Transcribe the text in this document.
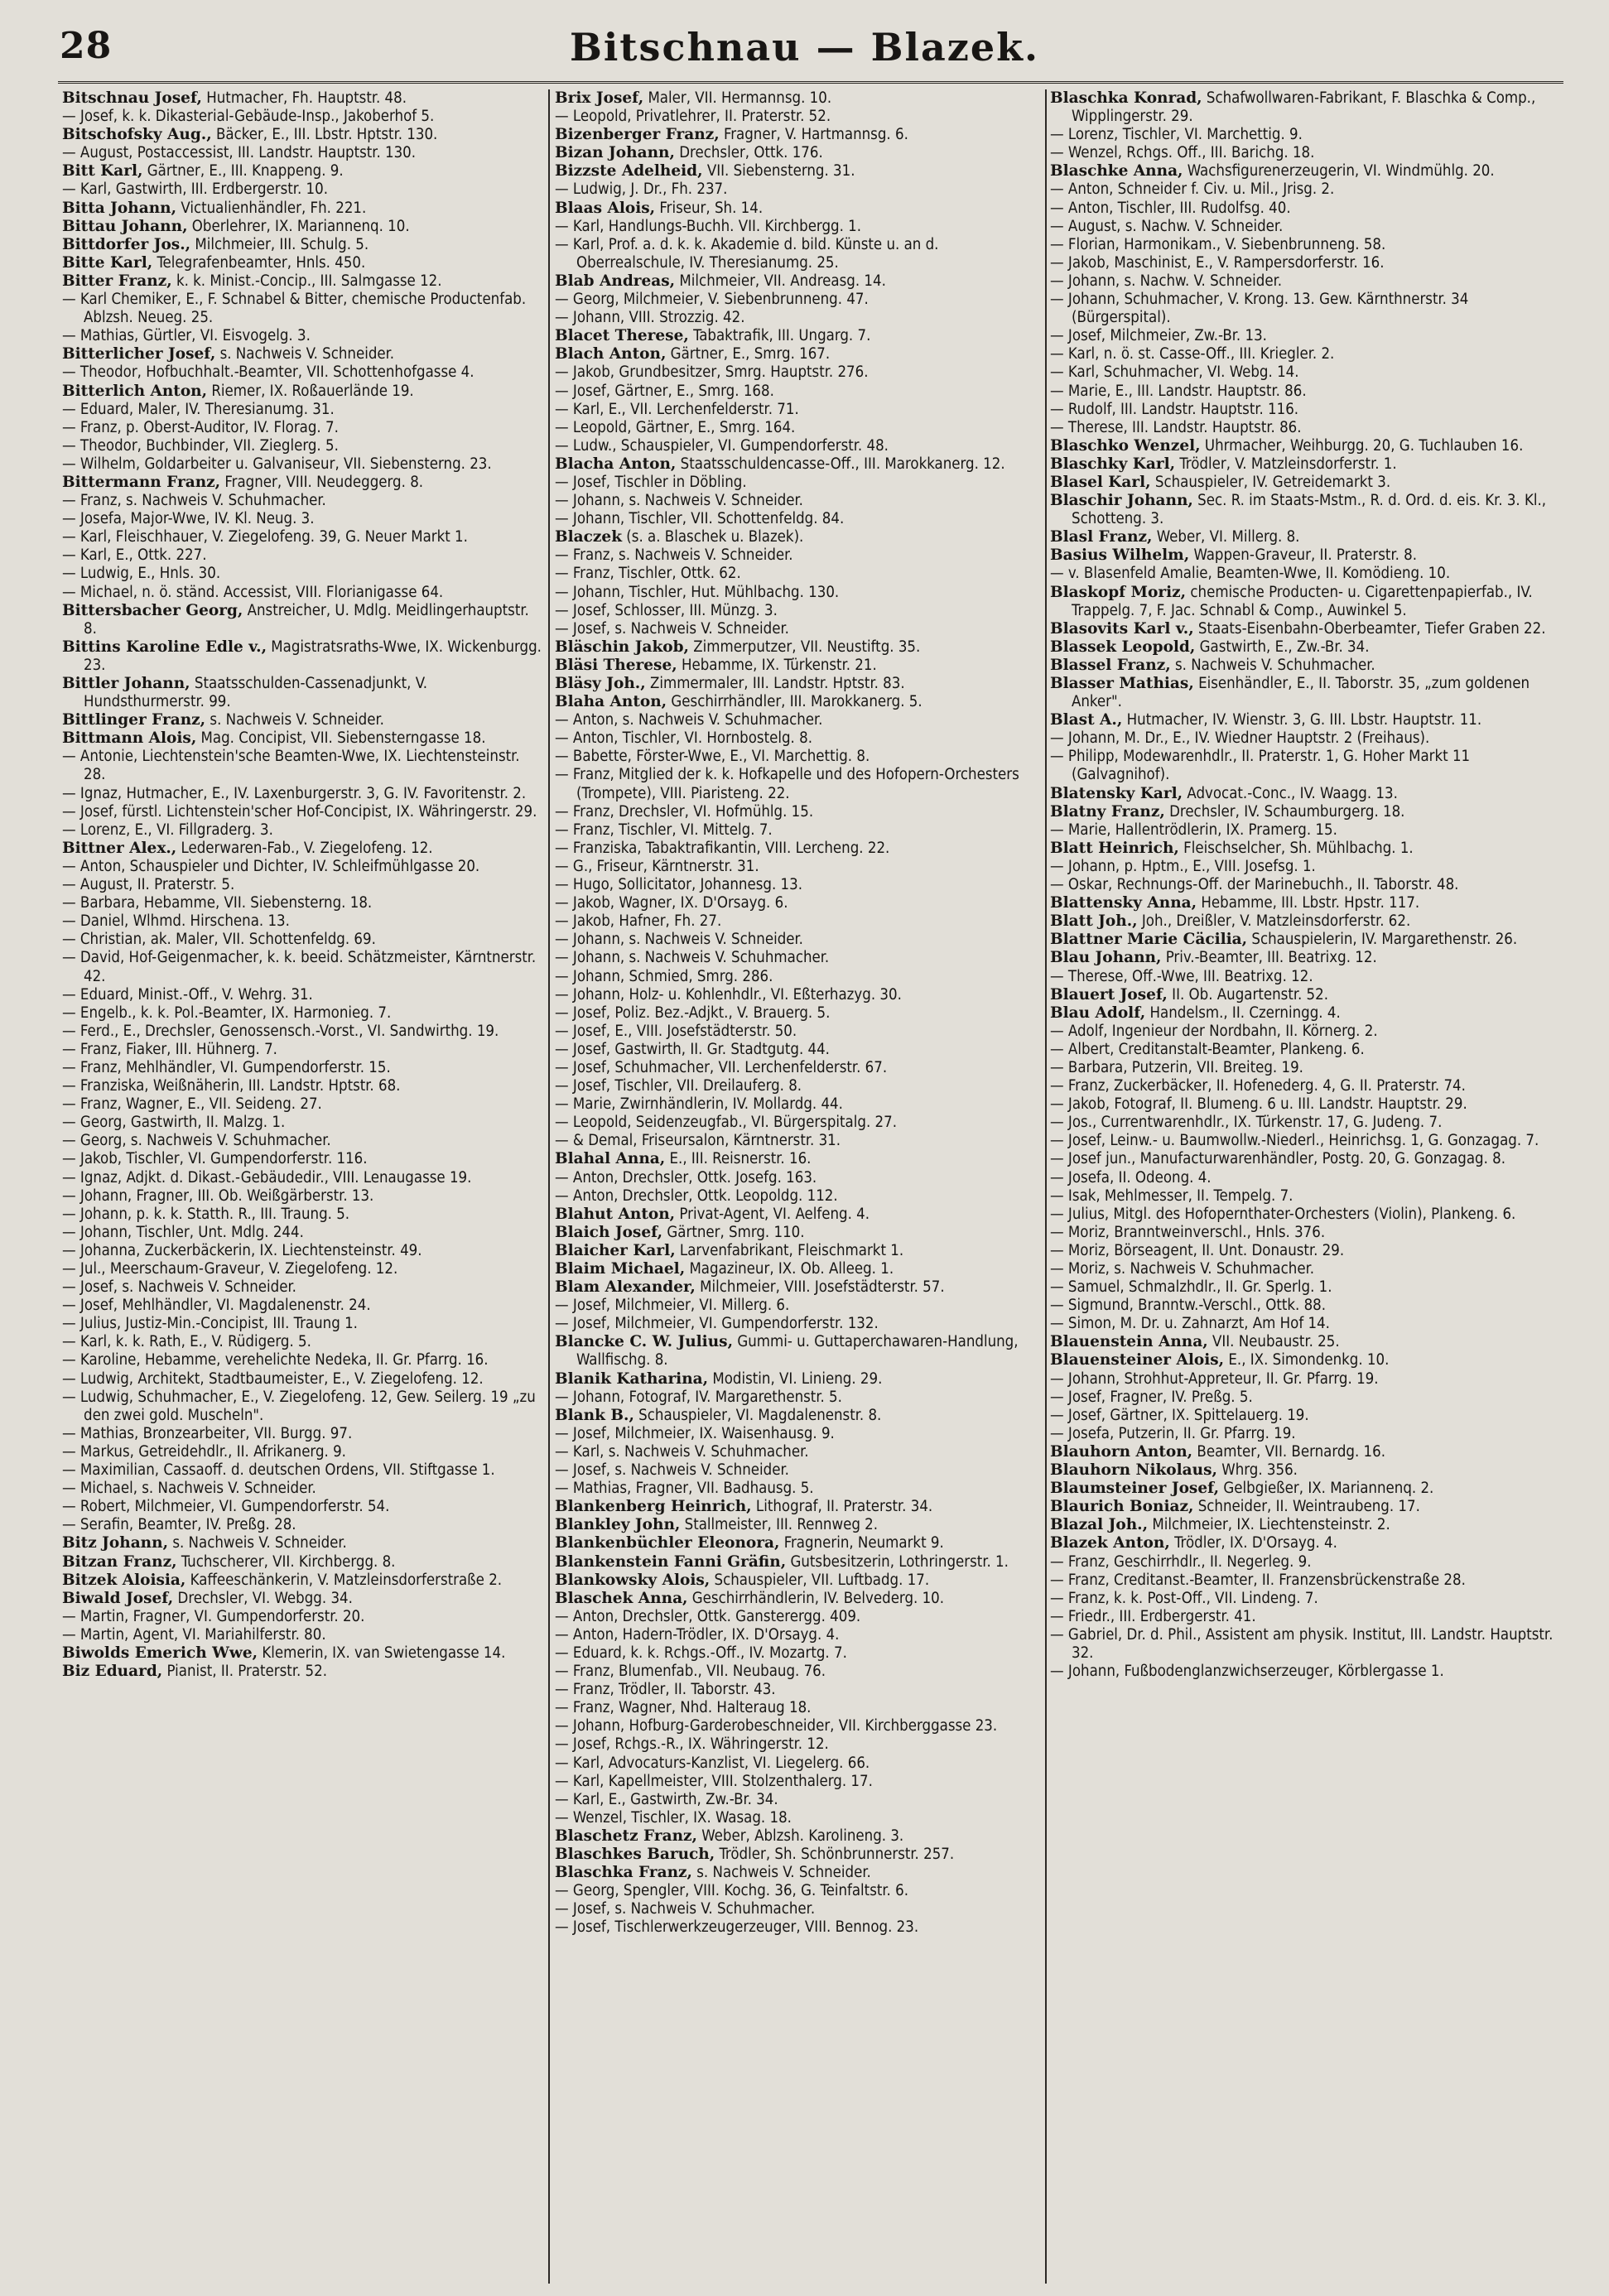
28	Bitschnau — Blazek.

Bitschnau Josef, Hutmacher, Fh. Hauptstr. 48.

— Josef, k. k. Dikasterial-Gebäude-Insp., Jakoberhof 5.

Bitschofsky Aug., Bäcker, E., III. Lbstr. Hptstr. 130.

— August, Postaccessist, III. Landstr. Hauptstr. 130.

Bitt Karl, Gärtner, E., III. Knappeng. 9.

— Karl, Gastwirth, III. Erdbergerstr. 10.

Bitta Johann, Victualienhändler, Fh. 221.

Bittau Johann, Oberlehrer, IX. Mariannenq. 10.

Bittdorfer Jos., Milchmeier, III. Schulg. 5.

Bitte Karl, Telegrafenbeamter, Hnls. 450.

Bitter Franz, k. k. Minist.-Concip., III. Salmgasse 12.

— Karl Chemiker, E., F. Schnabel & Bitter, chemische Productenfab. Ablzsh. Neueg. 25.

— Mathias, Gürtler, VI. Eisvogelg. 3.

Bitterlicher Josef, s. Nachweis V. Schneider.

— Theodor, Hofbuchhalt.-Beamter, VII. Schottenhofgasse 4.

Bitterlich Anton, Riemer, IX. Roßauerlände 19.

— Eduard, Maler, IV. Theresianumg. 31.

— Franz, p. Oberst-Auditor, IV. Florag. 7.

— Theodor, Buchbinder, VII. Zieglerg. 5.

— Wilhelm, Goldarbeiter u. Galvaniseur, VII. Siebensterng. 23.

Bittermann Franz, Fragner, VIII. Neudeggerg. 8.

— Franz, s. Nachweis V. Schuhmacher.

— Josefa, Major-Wwe, IV. Kl. Neug. 3.

— Karl, Fleischhauer, V. Ziegelofeng. 39, G. Neuer Markt 1.

— Karl, E., Ottk. 227.

— Ludwig, E., Hnls. 30.

— Michael, n. ö. ständ. Accessist, VIII. Florianigasse 64.

Bittersbacher Georg, Anstreicher, U. Mdlg. Meidlingerhauptstr. 8.

Bittins Karoline Edle v., Magistratsraths-Wwe, IX. Wickenburgg. 23.

Bittler Johann, Staatsschulden-Cassenadjunkt, V. Hundsthurmerstr. 99.

Bittlinger Franz, s. Nachweis V. Schneider.

Bittmann Alois, Mag. Concipist, VII. Siebensterngasse 18.

— Antonie, Liechtenstein'sche Beamten-Wwe, IX. Liechtensteinstr. 28.

— Ignaz, Hutmacher, E., IV. Laxenburgerstr. 3, G. IV. Favoritenstr. 2.

— Josef, fürstl. Lichtenstein'scher Hof-Concipist, IX. Währingerstr. 29.

— Lorenz, E., VI. Fillgraderg. 3.

Bittner Alex., Lederwaren-Fab., V. Ziegelofeng. 12.

— Anton, Schauspieler und Dichter, IV. Schleifmühlgasse 20.

— August, II. Praterstr. 5.

— Barbara, Hebamme, VII. Siebensterng. 18.

— Daniel, Wlhmd. Hirschena. 13.

— Christian, ak. Maler, VII. Schottenfeldg. 69.

— David, Hof-Geigenmacher, k. k. beeid. Schätzmeister, Kärntnerstr. 42.

— Eduard, Minist.-Off., V. Wehrg. 31.

— Engelb., k. k. Pol.-Beamter, IX. Harmonieg. 7.

— Ferd., E., Drechsler, Genossensch.-Vorst., VI. Sandwirthg. 19.

— Franz, Fiaker, III. Hühnerg. 7.

— Franz, Mehlhändler, VI. Gumpendorferstr. 15.

— Franziska, Weißnäherin, III. Landstr. Hptstr. 68.

— Franz, Wagner, E., VII. Seideng. 27.

— Georg, Gastwirth, II. Malzg. 1.

— Georg, s. Nachweis V. Schuhmacher.

— Jakob, Tischler, VI. Gumpendorferstr. 116.

— Ignaz, Adjkt. d. Dikast.-Gebäudedir., VIII. Lenaugasse 19.

— Johann, Fragner, III. Ob. Weißgärberstr. 13.

— Johann, p. k. k. Statth. R., III. Traung. 5.

— Johann, Tischler, Unt. Mdlg. 244.

— Johanna, Zuckerbäckerin, IX. Liechtensteinstr. 49.

— Jul., Meerschaum-Graveur, V. Ziegelofeng. 12.

— Josef, s. Nachweis V. Schneider.

— Josef, Mehlhändler, VI. Magdalenenstr. 24.

— Julius, Justiz-Min.-Concipist, III. Traung 1.

— Karl, k. k. Rath, E., V. Rüdigerg. 5.

— Karoline, Hebamme, verehelichte Nedeka, II. Gr. Pfarrg. 16.

— Ludwig, Architekt, Stadtbaumeister, E., V. Ziegelofeng. 12.

— Ludwig, Schuhmacher, E., V. Ziegelofeng. 12, Gew. Seilerg. 19 „zu den zwei gold. Muscheln".

— Mathias, Bronzearbeiter, VII. Burgg. 97.

— Markus, Getreidehdlr., II. Afrikanerg. 9.

— Maximilian, Cassaoff. d. deutschen Ordens, VII. Stiftgasse 1.

— Michael, s. Nachweis V. Schneider.

— Robert, Milchmeier, VI. Gumpendorferstr. 54.

— Serafin, Beamter, IV. Preßg. 28.

Bitz Johann, s. Nachweis V. Schneider.

Bitzan Franz, Tuchscherer, VII. Kirchbergg. 8.

Bitzek Aloisia, Kaffeeschänkerin, V. Matzleinsdorferstraße 2.

Biwald Josef, Drechsler, VI. Webgg. 34.

— Martin, Fragner, VI. Gumpendorferstr. 20.

— Martin, Agent, VI. Mariahilferstr. 80.

Biwolds Emerich Wwe, Klemerin, IX. van Swietengasse 14.

Biz Eduard, Pianist, II. Praterstr. 52.

Brix Josef, Maler, VII. Hermannsg. 10.

— Leopold, Privatlehrer, II. Praterstr. 52.

Bizenberger Franz, Fragner, V. Hartmannsg. 6.

Bizan Johann, Drechsler, Ottk. 176.

Bizzste Adelheid, VII. Siebensterng. 31.

— Ludwig, J. Dr., Fh. 237.

Blaas Alois, Friseur, Sh. 14.

— Karl, Handlungs-Buchh. VII. Kirchbergg. 1.

— Karl, Prof. a. d. k. k. Akademie d. bild. Künste u. an d. Oberrealschule, IV. Theresianumg. 25.

Blab Andreas, Milchmeier, VII. Andreasg. 14.

— Georg, Milchmeier, V. Siebenbrunneng. 47.

— Johann, VIII. Strozzig. 42.

Blacet Therese, Tabaktrafik, III. Ungarg. 7.

Blach Anton, Gärtner, E., Smrg. 167.

— Jakob, Grundbesitzer, Smrg. Hauptstr. 276.

— Josef, Gärtner, E., Smrg. 168.

— Karl, E., VII. Lerchenfelderstr. 71.

— Leopold, Gärtner, E., Smrg. 164.

— Ludw., Schauspieler, VI. Gumpendorferstr. 48.

Blacha Anton, Staatsschuldencasse-Off., III. Marokkanerg. 12.

— Josef, Tischler in Döbling.

— Johann, s. Nachweis V. Schneider.

— Johann, Tischler, VII. Schottenfeldg. 84.

Blaczek (s. a. Blaschek u. Blazek).

— Franz, s. Nachweis V. Schneider.

— Franz, Tischler, Ottk. 62.

— Johann, Tischler, Hut. Mühlbachg. 130.

— Josef, Schlosser, III. Münzg. 3.

— Josef, s. Nachweis V. Schneider.

Bläschin Jakob, Zimmerputzer, VII. Neustiftg. 35.

Bläsi Therese, Hebamme, IX. Türkenstr. 21.

Bläsy Joh., Zimmermaler, III. Landstr. Hptstr. 83.

Blaha Anton, Geschirrhändler, III. Marokkanerg. 5.

— Anton, s. Nachweis V. Schuhmacher.

— Anton, Tischler, VI. Hornbostelg. 8.

— Babette, Förster-Wwe, E., VI. Marchettig. 8.

— Franz, Mitglied der k. k. Hofkapelle und des Hofopern-Orchesters (Trompete), VIII. Piaristeng. 22.

— Franz, Drechsler, VI. Hofmühlg. 15.

— Franz, Tischler, VI. Mittelg. 7.

— Franziska, Tabaktrafikantin, VIII. Lercheng. 22.

— G., Friseur, Kärntnerstr. 31.

— Hugo, Sollicitator, Johannesg. 13.

— Jakob, Wagner, IX. D'Orsayg. 6.

— Jakob, Hafner, Fh. 27.

— Johann, s. Nachweis V. Schneider.

— Johann, s. Nachweis V. Schuhmacher.

— Johann, Schmied, Smrg. 286.

— Johann, Holz- u. Kohlenhdlr., VI. Eßterhazyg. 30.

— Josef, Poliz. Bez.-Adjkt., V. Brauerg. 5.

— Josef, E., VIII. Josefstädterstr. 50.

— Josef, Gastwirth, II. Gr. Stadtgutg. 44.

— Josef, Schuhmacher, VII. Lerchenfelderstr. 67.

— Josef, Tischler, VII. Dreilauferg. 8.

— Marie, Zwirnhändlerin, IV. Mollardg. 44.

— Leopold, Seidenzeugfab., VI. Bürgerspitalg. 27.

— & Demal, Friseursalon, Kärntnerstr. 31.

Blahal Anna, E., III. Reisnerstr. 16.

— Anton, Drechsler, Ottk. Josefg. 163.

— Anton, Drechsler, Ottk. Leopoldg. 112.

Blahut Anton, Privat-Agent, VI. Aelfeng. 4.

Blaich Josef, Gärtner, Smrg. 110.

Blaicher Karl, Larvenfabrikant, Fleischmarkt 1.

Blaim Michael, Magazineur, IX. Ob. Alleeg. 1.

Blam Alexander, Milchmeier, VIII. Josefstädterstr. 57.

— Josef, Milchmeier, VI. Millerg. 6.

— Josef, Milchmeier, VI. Gumpendorferstr. 132.

Blancke C. W. Julius, Gummi- u. Guttaperchawaren-Handlung, Wallfischg. 8.

Blanik Katharina, Modistin, VI. Linieng. 29.

— Johann, Fotograf, IV. Margarethenstr. 5.

Blank B., Schauspieler, VI. Magdalenenstr. 8.

— Josef, Milchmeier, IX. Waisenhausg. 9.

— Karl, s. Nachweis V. Schuhmacher.

— Josef, s. Nachweis V. Schneider.

— Mathias, Fragner, VII. Badhausg. 5.

Blankenberg Heinrich, Lithograf, II. Praterstr. 34.

Blankley John, Stallmeister, III. Rennweg 2.

Blankenbüchler Eleonora, Fragnerin, Neumarkt 9.

Blankenstein Fanni Gräfin, Gutsbesitzerin, Lothringerstr. 1.

Blankowsky Alois, Schauspieler, VII. Luftbadg. 17.

Blaschek Anna, Geschirrhändlerin, IV. Belvederg. 10.

— Anton, Drechsler, Ottk. Gansterergg. 409.

— Anton, Hadern-Trödler, IX. D'Orsayg. 4.

— Eduard, k. k. Rchgs.-Off., IV. Mozartg. 7.

— Franz, Blumenfab., VII. Neubaug. 76.

— Franz, Trödler, II. Taborstr. 43.

— Franz, Wagner, Nhd. Halteraug 18.

— Johann, Hofburg-Garderobeschneider, VII. Kirchberggasse 23.

— Josef, Rchgs.-R., IX. Währingerstr. 12.

— Karl, Advocaturs-Kanzlist, VI. Liegelerg. 66.

— Karl, Kapellmeister, VIII. Stolzenthalerg. 17.

— Karl, E., Gastwirth, Zw.-Br. 34.

— Wenzel, Tischler, IX. Wasag. 18.

Blaschetz Franz, Weber, Ablzsh. Karolineng. 3.

Blaschkes Baruch, Trödler, Sh. Schönbrunnerstr. 257.

Blaschka Franz, s. Nachweis V. Schneider.

— Georg, Spengler, VIII. Kochg. 36, G. Teinfaltstr. 6.

— Josef, s. Nachweis V. Schuhmacher.

— Josef, Tischlerwerkzeugerzeuger, VIII. Bennog. 23.

Blaschka Konrad, Schafwollwaren-Fabrikant, F. Blaschka & Comp., Wipplingerstr. 29.

— Lorenz, Tischler, VI. Marchettig. 9.

— Wenzel, Rchgs. Off., III. Barichg. 18.

Blaschke Anna, Wachsfigurenerzeugerin, VI. Windmühlg. 20.

— Anton, Schneider f. Civ. u. Mil., Jrisg. 2.

— Anton, Tischler, III. Rudolfsg. 40.

— August, s. Nachw. V. Schneider.

— Florian, Harmonikam., V. Siebenbrunneng. 58.

— Jakob, Maschinist, E., V. Rampersdorferstr. 16.

— Johann, s. Nachw. V. Schneider.

— Johann, Schuhmacher, V. Krong. 13. Gew. Kärnthnerstr. 34 (Bürgerspital).

— Josef, Milchmeier, Zw.-Br. 13.

— Karl, n. ö. st. Casse-Off., III. Kriegler. 2.

— Karl, Schuhmacher, VI. Webg. 14.

— Marie, E., III. Landstr. Hauptstr. 86.

— Rudolf, III. Landstr. Hauptstr. 116.

— Therese, III. Landstr. Hauptstr. 86.

Blaschko Wenzel, Uhrmacher, Weihburgg. 20, G. Tuchlauben 16.

Blaschky Karl, Trödler, V. Matzleinsdorferstr. 1.

Blasel Karl, Schauspieler, IV. Getreidemarkt 3.

Blaschir Johann, Sec. R. im Staats-Mstm., R. d. Ord. d. eis. Kr. 3. Kl., Schotteng. 3.

Blasl Franz, Weber, VI. Millerg. 8.

Basius Wilhelm, Wappen-Graveur, II. Praterstr. 8.

— v. Blasenfeld Amalie, Beamten-Wwe, II. Komödieng. 10.

Blaskopf Moriz, chemische Producten- u. Cigarettenpapierfab., IV. Trappelg. 7, F. Jac. Schnabl & Comp., Auwinkel 5.

Blasovits Karl v., Staats-Eisenbahn-Oberbeamter, Tiefer Graben 22.

Blassek Leopold, Gastwirth, E., Zw.-Br. 34.

Blassel Franz, s. Nachweis V. Schuhmacher.

Blasser Mathias, Eisenhändler, E., II. Taborstr. 35, „zum goldenen Anker".

Blast A., Hutmacher, IV. Wienstr. 3, G. III. Lbstr. Hauptstr. 11.

— Johann, M. Dr., E., IV. Wiedner Hauptstr. 2 (Freihaus).

— Philipp, Modewarenhdlr., II. Praterstr. 1, G. Hoher Markt 11 (Galvagnihof).

Blatensky Karl, Advocat.-Conc., IV. Waagg. 13.

Blatny Franz, Drechsler, IV. Schaumburgerg. 18.

— Marie, Hallentrödlerin, IX. Pramerg. 15.

Blatt Heinrich, Fleischselcher, Sh. Mühlbachg. 1.

— Johann, p. Hptm., E., VIII. Josefsg. 1.

— Oskar, Rechnungs-Off. der Marinebuchh., II. Taborstr. 48.

Blattensky Anna, Hebamme, III. Lbstr. Hpstr. 117.

Blatt Joh., Joh., Dreißler, V. Matzleinsdorferstr. 62.

Blattner Marie Cäcilia, Schauspielerin, IV. Margarethenstr. 26.

Blau Johann, Priv.-Beamter, III. Beatrixg. 12.

— Therese, Off.-Wwe, III. Beatrixg. 12.

Blauert Josef, II. Ob. Augartenstr. 52.

Blau Adolf, Handelsm., II. Czerningg. 4.

— Adolf, Ingenieur der Nordbahn, II. Körnerg. 2.

— Albert, Creditanstalt-Beamter, Plankeng. 6.

— Barbara, Putzerin, VII. Breiteg. 19.

— Franz, Zuckerbäcker, II. Hofenederg. 4, G. II. Praterstr. 74.

— Jakob, Fotograf, II. Blumeng. 6 u. III. Landstr. Hauptstr. 29.

— Jos., Currentwarenhdlr., IX. Türkenstr. 17, G. Judeng. 7.

— Josef, Leinw.- u. Baumwollw.-Niederl., Heinrichsg. 1, G. Gonzagag. 7.

— Josef jun., Manufacturwarenhändler, Postg. 20, G. Gonzagag. 8.

— Josefa, II. Odeong. 4.

— Isak, Mehlmesser, II. Tempelg. 7.

— Julius, Mitgl. des Hofopernthater-Orchesters (Violin), Plankeng. 6.

— Moriz, Branntweinverschl., Hnls. 376.

— Moriz, Börseagent, II. Unt. Donaustr. 29.

— Moriz, s. Nachweis V. Schuhmacher.

— Samuel, Schmalzhdlr., II. Gr. Sperlg. 1.

— Sigmund, Branntw.-Verschl., Ottk. 88.

— Simon, M. Dr. u. Zahnarzt, Am Hof 14.

Blauenstein Anna, VII. Neubaustr. 25.

Blauensteiner Alois, E., IX. Simondenkg. 10.

— Johann, Strohhut-Appreteur, II. Gr. Pfarrg. 19.

— Josef, Fragner, IV. Preßg. 5.

— Josef, Gärtner, IX. Spittelauerg. 19.

— Josefa, Putzerin, II. Gr. Pfarrg. 19.

Blauhorn Anton, Beamter, VII. Bernardg. 16.

Blauhorn Nikolaus, Whrg. 356.

Blaumsteiner Josef, Gelbgießer, IX. Mariannenq. 2.

Blaurich Boniaz, Schneider, II. Weintraubeng. 17.

Blazal Joh., Milchmeier, IX. Liechtensteinstr. 2.

Blazek Anton, Trödler, IX. D'Orsayg. 4.

— Franz, Geschirrhdlr., II. Negerleg. 9.

— Franz, Creditanst.-Beamter, II. Franzensbrückenstraße 28.

— Franz, k. k. Post-Off., VII. Lindeng. 7.

— Friedr., III. Erdbergerstr. 41.

— Gabriel, Dr. d. Phil., Assistent am physik. Institut, III. Landstr. Hauptstr. 32.

— Johann, Fußbodenglanzwichserzeuger, Körblergasse 1.
